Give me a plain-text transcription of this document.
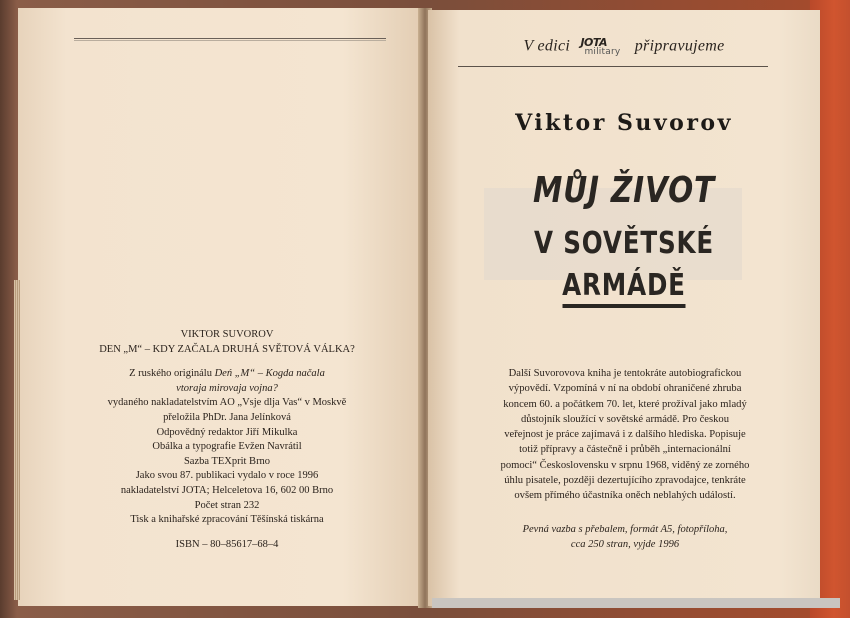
VIKTOR SUVOROV
DEN „M“ – KDY ZAČALA DRUHÁ SVĚTOVÁ VÁLKA?
Z ruského originálu Deń „M“ – Kogda načala
vtoraja mirovaja vojna?
vydaného nakladatelstvím AO „Vsje dlja Vas“ v Moskvě
přeložila PhDr. Jana Jelínková
Odpovědný redaktor Jiří Mikulka
Obálka a typografie Evžen Navrátil
Sazba TEXprit Brno
Jako svou 87. publikaci vydalo v roce 1996
nakladatelství JOTA; Helceletova 16, 602 00 Brno
Počet stran 232
Tisk a knihařské zpracování Těšínská tiskárna
ISBN – 80–85617–68–4
V edici JOTA
military připravujeme
Viktor Suvorov
MŮJ ŽIVOT
V SOVĚTSKÉ
ARMÁDĚ
Další Suvorovova kniha je tentokráte autobiografickou
výpovědí. Vzpomíná v ní na období ohraničené zhruba
koncem 60. a počátkem 70. let, které prožíval jako mladý
důstojník sloužící v sovětské armádě. Pro českou
veřejnost je práce zajímavá i z dalšího hlediska. Popisuje
totiž přípravy a částečně i průběh „internacionální
pomoci“ Československu v srpnu 1968, viděný ze zorného
úhlu pisatele, později dezertujícího zpravodajce, tenkráte
ovšem přímého účastníka oněch neblahých událostí.
Pevná vazba s přebalem, formát A5, fotopříloha,
cca 250 stran, vyjde 1996
